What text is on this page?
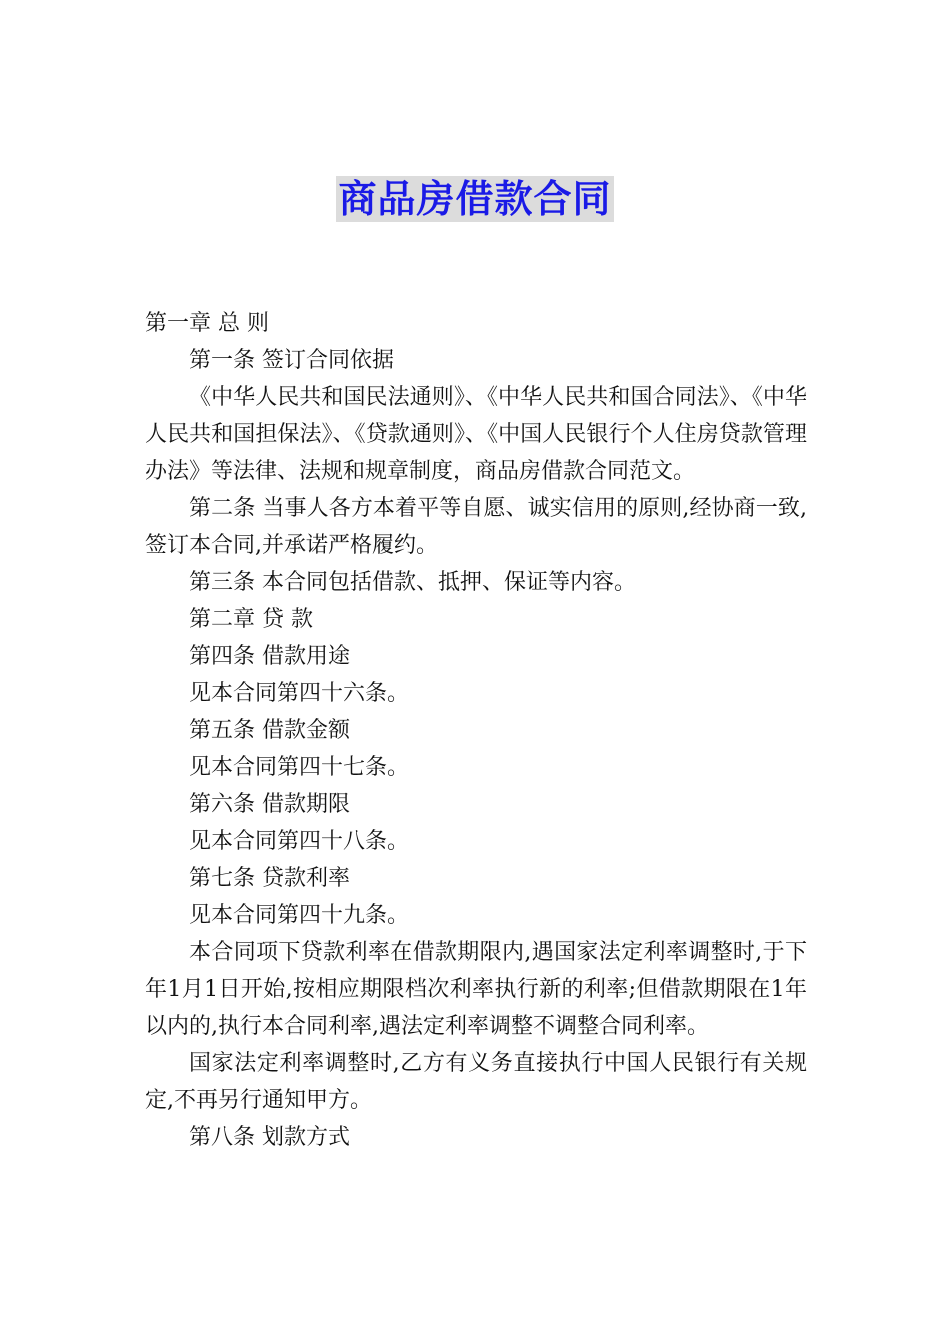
商品房借款合同

第一章 总 则

第一条 签订合同依据

《中华人民共和国民法通则》、《中华人民共和国合同法》、《中华人民共和国担保法》、《贷款通则》、《中国人民银行个人住房贷款管理办法》等法律、法规和规章制度，商品房借款合同范文。

第二条 当事人各方本着平等自愿、诚实信用的原则,经协商一致,签订本合同,并承诺严格履约。

第三条 本合同包括借款、抵押、保证等内容。

第二章 贷 款

第四条 借款用途

见本合同第四十六条。

第五条 借款金额

见本合同第四十七条。

第六条 借款期限

见本合同第四十八条。

第七条 贷款利率

见本合同第四十九条。

本合同项下贷款利率在借款期限内,遇国家法定利率调整时,于下年1月1日开始,按相应期限档次利率执行新的利率;但借款期限在1年以内的,执行本合同利率,遇法定利率调整不调整合同利率。

国家法定利率调整时,乙方有义务直接执行中国人民银行有关规定,不再另行通知甲方。

第八条 划款方式
